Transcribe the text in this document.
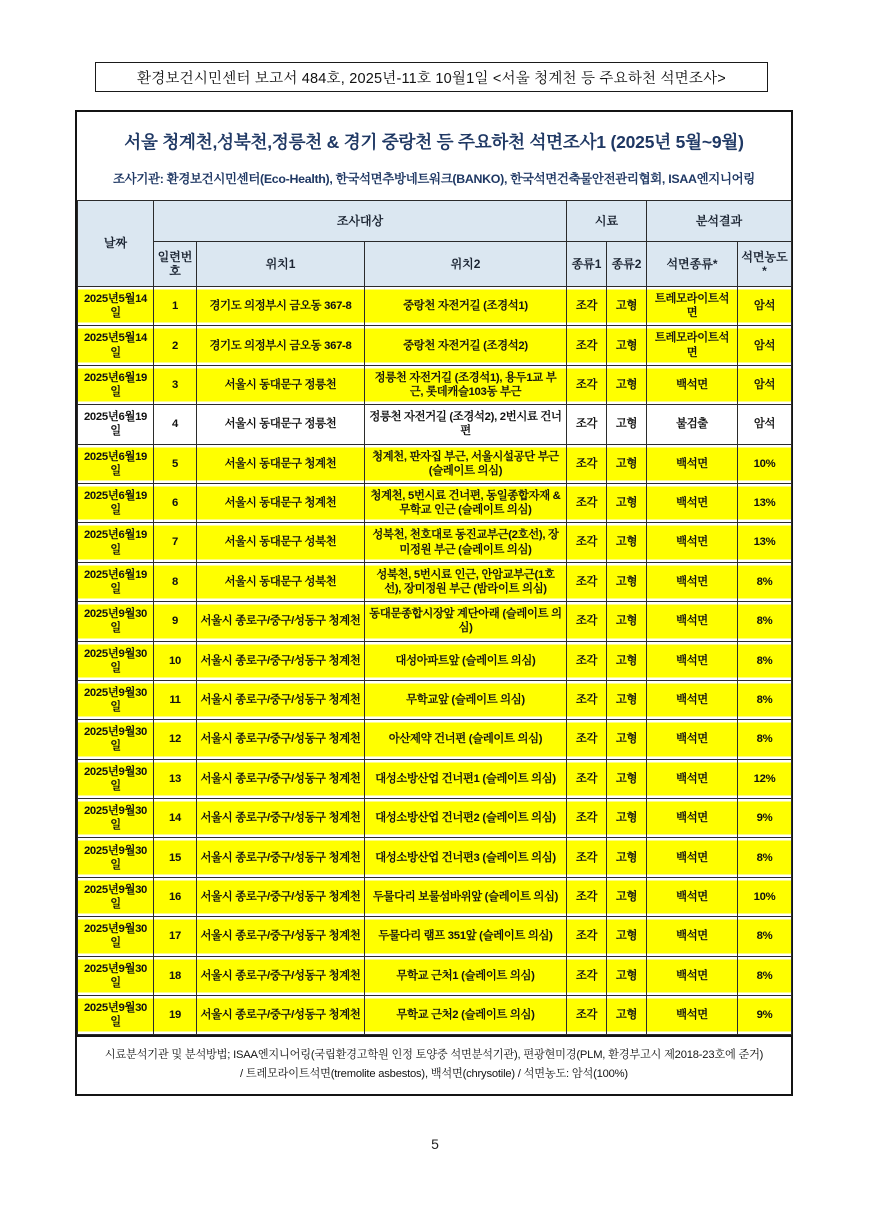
환경보건시민센터 보고서 484호, 2025년-11호 10월1일 <서울 청계천 등 주요하천 석면조사>
서울 청계천,성북천,정릉천 & 경기 중랑천 등 주요하천 석면조사1 (2025년 5월~9월)
조사기관: 환경보건시민센터(Eco-Health), 한국석면추방네트워크(BANKO), 한국석면건축물안전관리협회, ISAA엔지니어링
날짜	조사대상			시료		분석결과	
	일련번호	위치1	위치2	종류1	종류2	석면종류*	석면농도*
2025년5월14일	1	경기도 의정부시 금오동 367-8	중랑천 자전거길 (조경석1)	조각	고형	트레모라이트석면	암석
2025년5월14일	2	경기도 의정부시 금오동 367-8	중랑천 자전거길 (조경석2)	조각	고형	트레모라이트석면	암석
2025년6월19일	3	서울시 동대문구 정릉천	정릉천 자전거길 (조경석1), 용두1교 부근, 롯데캐슬103동 부근	조각	고형	백석면	암석
2025년6월19일	4	서울시 동대문구 정릉천	정릉천 자전거길 (조경석2), 2번시료 건너편	조각	고형	불검출	암석
2025년6월19일	5	서울시 동대문구 청계천	청계천, 판자집 부근, 서울시설공단 부근 (슬레이트 의심)	조각	고형	백석면	10%
2025년6월19일	6	서울시 동대문구 청계천	청계천, 5번시료 건너편, 동일종합자재 & 무학교 인근 (슬레이트 의심)	조각	고형	백석면	13%
2025년6월19일	7	서울시 동대문구 성북천	성북천, 천호대로 동진교부근(2호선), 장미정원 부근 (슬레이트 의심)	조각	고형	백석면	13%
2025년6월19일	8	서울시 동대문구 성북천	성북천, 5번시료 인근, 안암교부근(1호선), 장미정원 부근 (밤라이트 의심)	조각	고형	백석면	8%
2025년9월30일	9	서울시 종로구/중구/성동구 청계천	동대문종합시장앞 계단아래 (슬레이트 의심)	조각	고형	백석면	8%
2025년9월30일	10	서울시 종로구/중구/성동구 청계천	대성아파트앞 (슬레이트 의심)	조각	고형	백석면	8%
2025년9월30일	11	서울시 종로구/중구/성동구 청계천	무학교앞 (슬레이트 의심)	조각	고형	백석면	8%
2025년9월30일	12	서울시 종로구/중구/성동구 청계천	아산제약 건너편 (슬레이트 의심)	조각	고형	백석면	8%
2025년9월30일	13	서울시 종로구/중구/성동구 청계천	대성소방산업 건너편1 (슬레이트 의심)	조각	고형	백석면	12%
2025년9월30일	14	서울시 종로구/중구/성동구 청계천	대성소방산업 건너편2 (슬레이트 의심)	조각	고형	백석면	9%
2025년9월30일	15	서울시 종로구/중구/성동구 청계천	대성소방산업 건너편3 (슬레이트 의심)	조각	고형	백석면	8%
2025년9월30일	16	서울시 종로구/중구/성동구 청계천	두물다리 보물섬바위앞 (슬레이트 의심)	조각	고형	백석면	10%
2025년9월30일	17	서울시 종로구/중구/성동구 청계천	두물다리 램프 351앞 (슬레이트 의심)	조각	고형	백석면	8%
2025년9월30일	18	서울시 종로구/중구/성동구 청계천	무학교 근처1 (슬레이트 의심)	조각	고형	백석면	8%
2025년9월30일	19	서울시 종로구/중구/성동구 청계천	무학교 근처2 (슬레이트 의심)	조각	고형	백석면	9%
시료분석기관 및 분석방법; ISAA엔지니어링(국립환경고학원 인정 토양중 석면분석기관), 편광현미경(PLM, 환경부고시 제2018-23호에 준거)
/ 트레모라이트석면(tremolite asbestos), 백석면(chrysotile) / 석면농도: 암석(100%)
5
